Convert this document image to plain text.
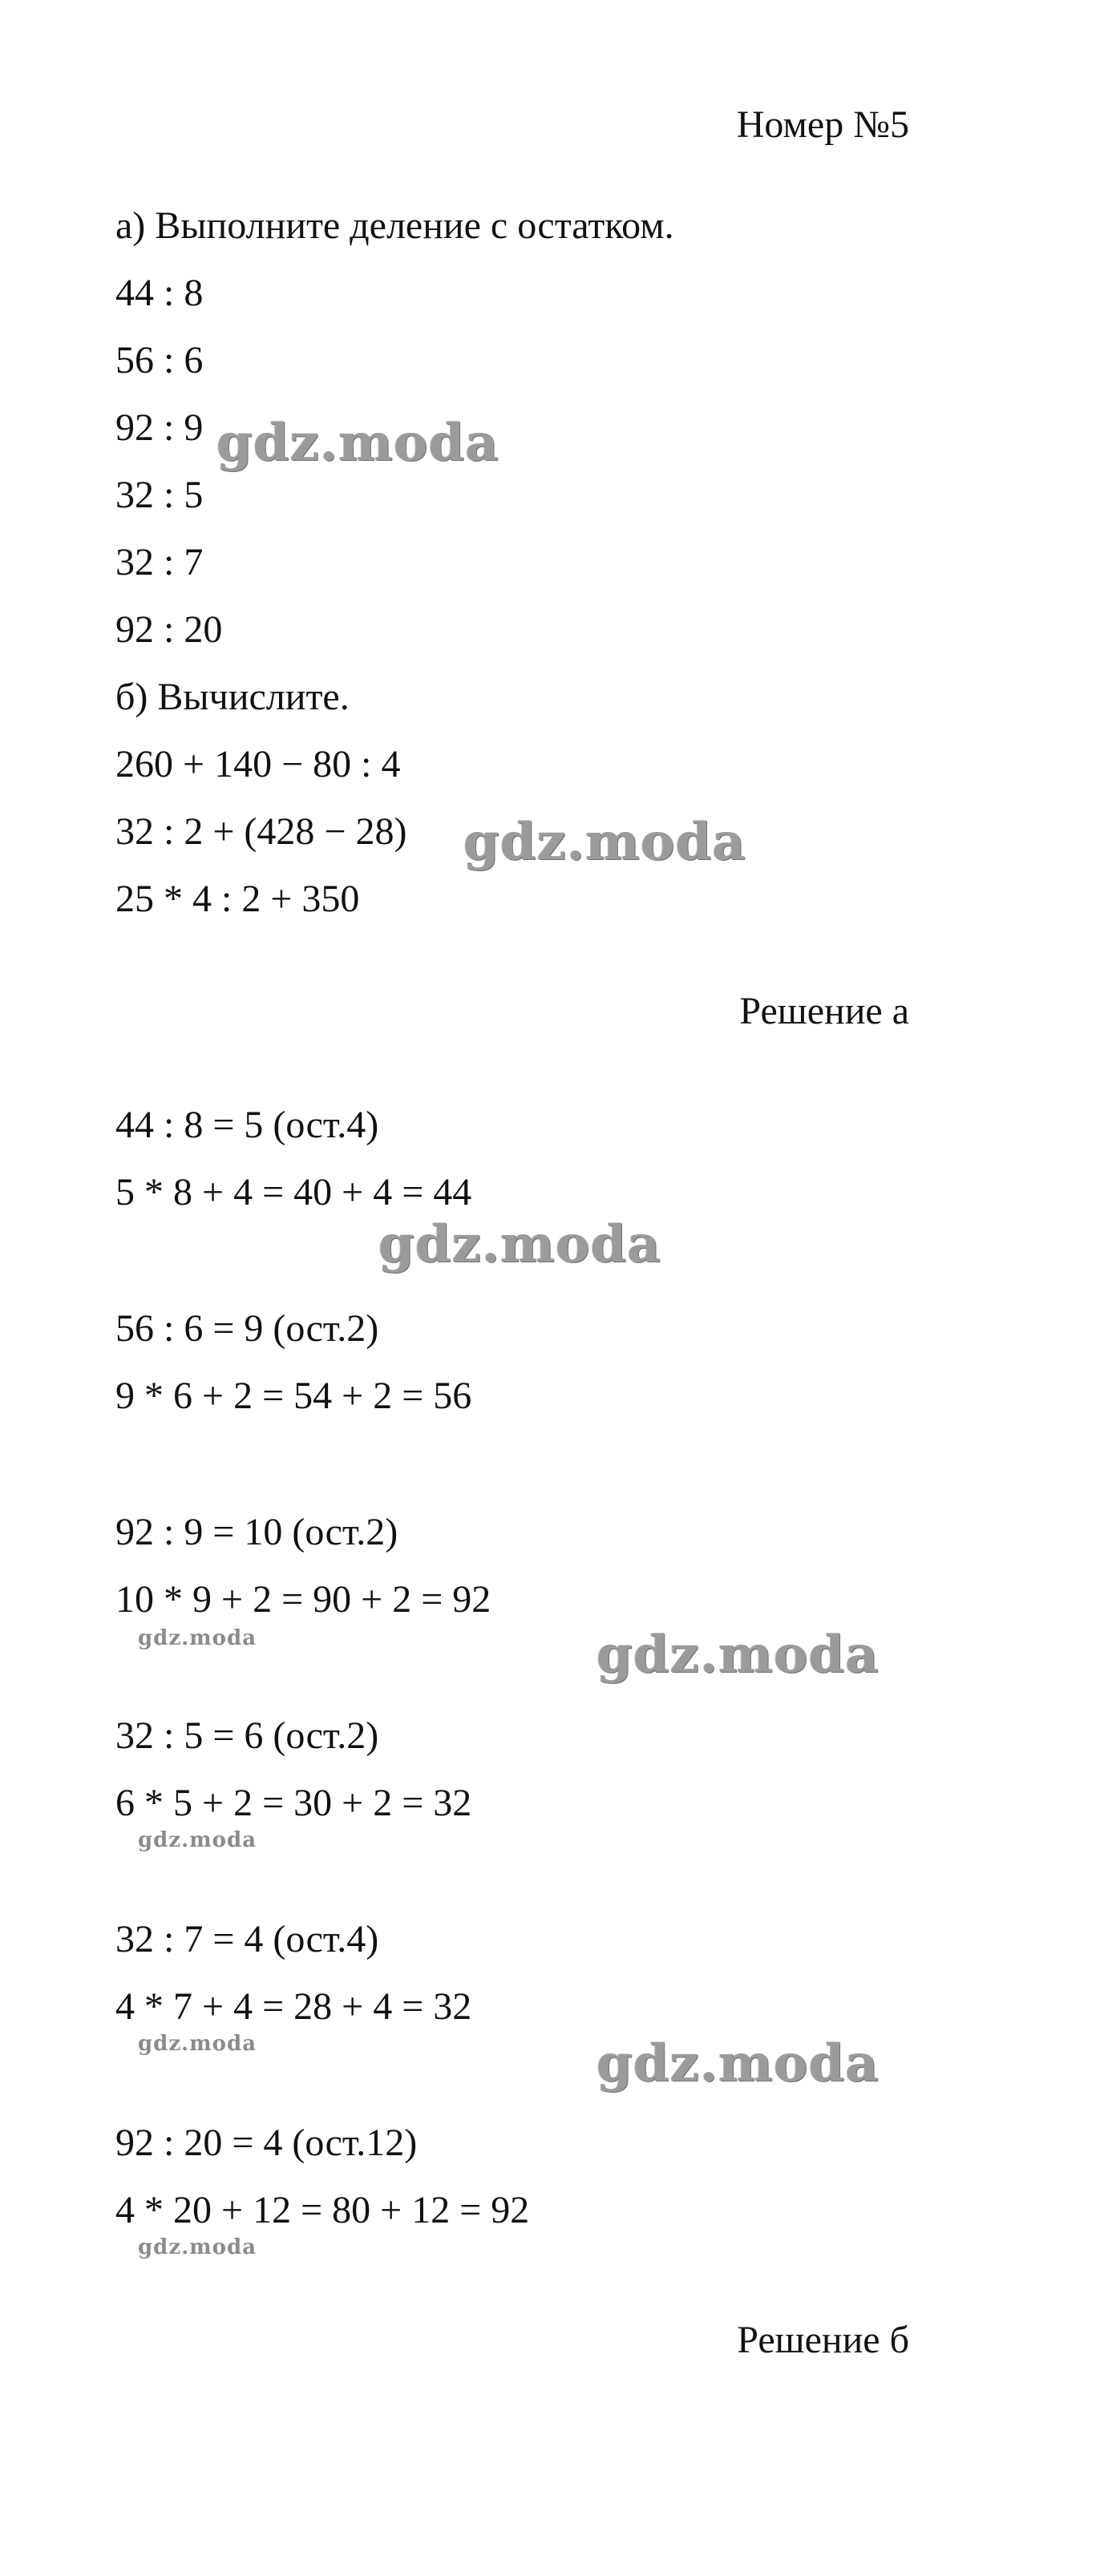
Номер №5
а) Выполните деление с остатком.
44 : 8
56 : 6
92 : 9
32 : 5
32 : 7
92 : 20
б) Вычислите.
260 + 140 − 80 : 4
32 : 2 + (428 − 28)
25 * 4 : 2 + 350
Решение а
44 : 8 = 5 (ост.4)
5 * 8 + 4 = 40 + 4 = 44
56 : 6 = 9 (ост.2)
9 * 6 + 2 = 54 + 2 = 56
92 : 9 = 10 (ост.2)
10 * 9 + 2 = 90 + 2 = 92
32 : 5 = 6 (ост.2)
6 * 5 + 2 = 30 + 2 = 32
32 : 7 = 4 (ост.4)
4 * 7 + 4 = 28 + 4 = 32
92 : 20 = 4 (ост.12)
4 * 20 + 12 = 80 + 12 = 92
Решение б
gdz.moda
gdz.moda
gdz.moda
gdz.moda
gdz.moda
gdz.moda
gdz.moda
gdz.moda
gdz.moda
